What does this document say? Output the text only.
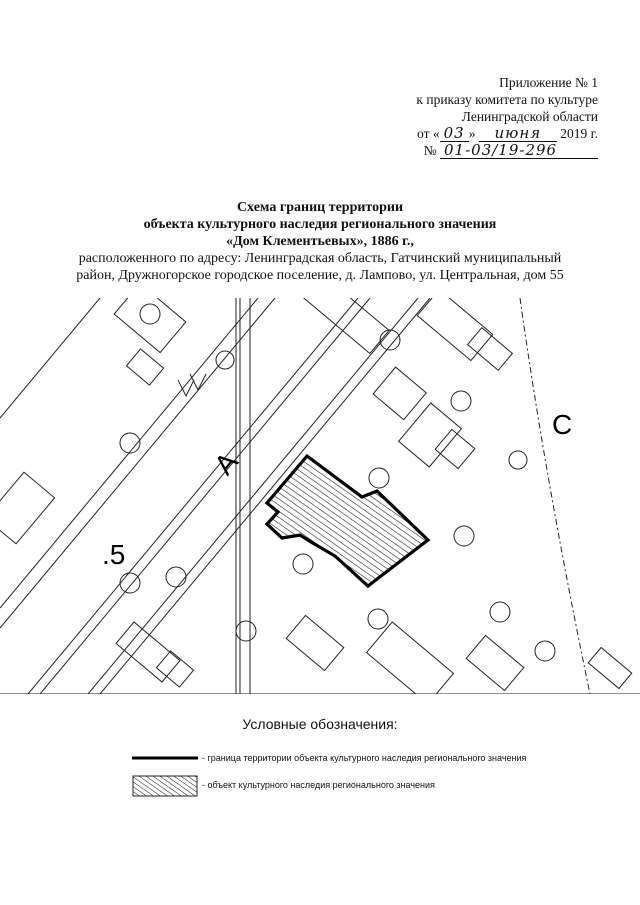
Приложение № 1
к приказу комитета по культуре
Ленинградской области
от « 03 » июня 2019 г.
№ 01-03/19-296
Схема границ территории
объекта культурного наследия регионального значения
«Дом Клементьевых», 1886 г.,
расположенного по адресу: Ленинградская область, Гатчинский муниципальный
район, Дружногорское городское поселение, д. Лампово, ул. Центральная, дом 55
А
.5
С
Условные обозначения:
- граница территории объекта культурного наследия регионального значения
- объект культурного наследия регионального значения
